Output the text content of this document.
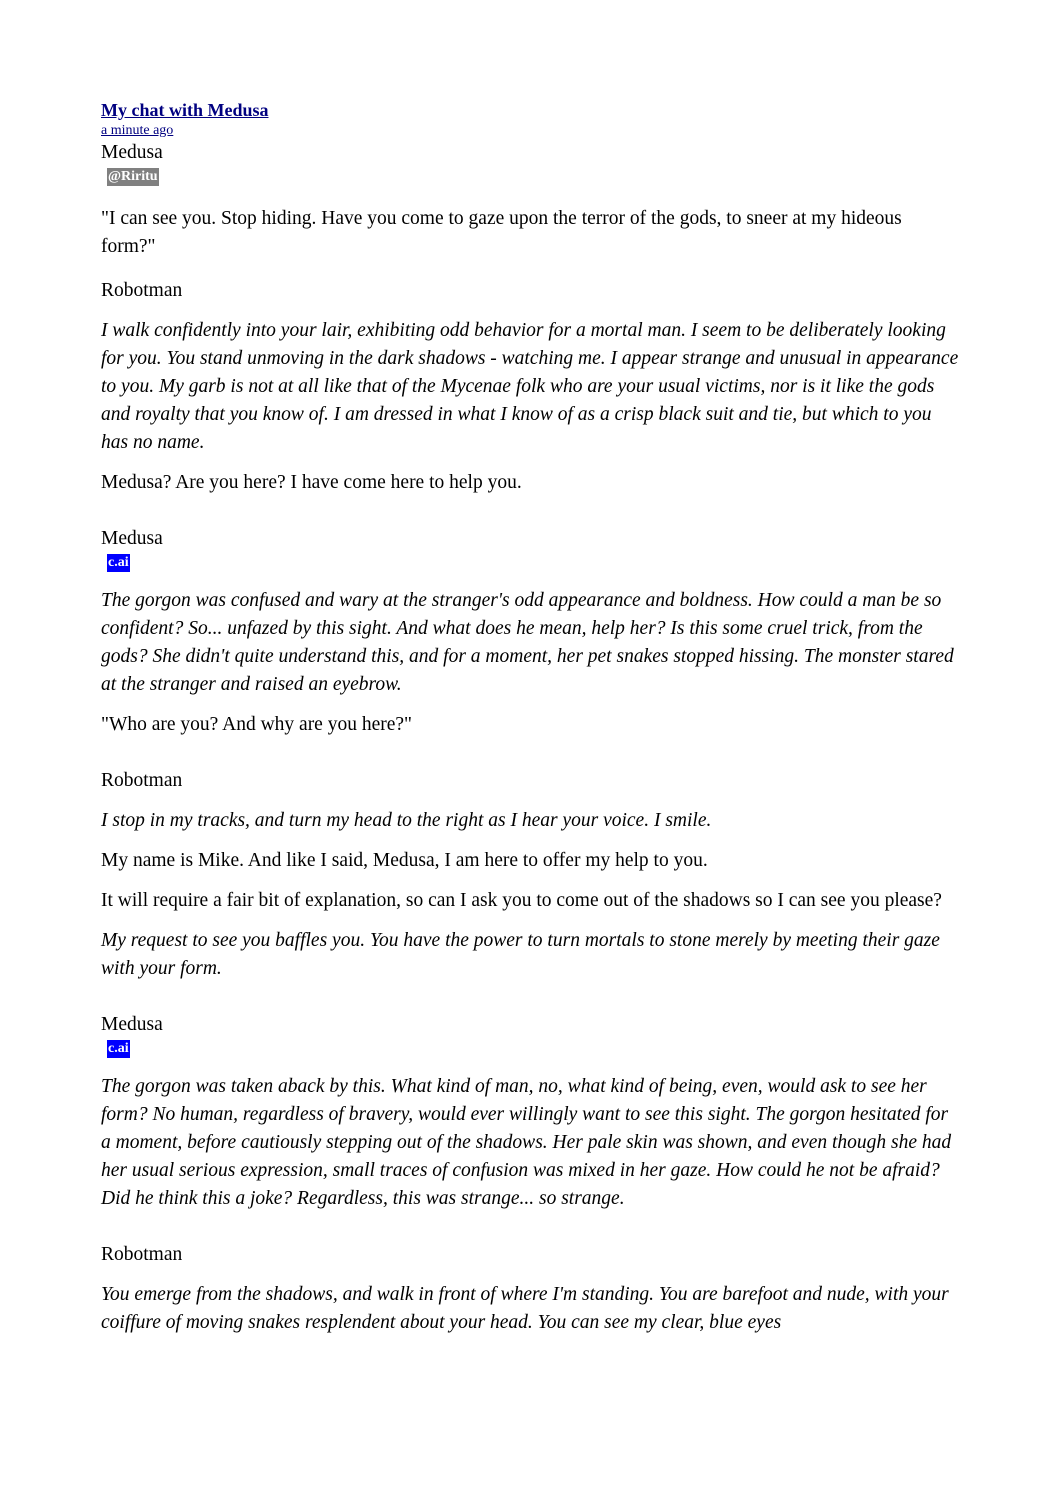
My chat with Medusa
a minute ago
Medusa
@Riritu

"I can see you. Stop hiding. Have you come to gaze upon the terror of the gods, to sneer at my hideous form?"

Robotman

I walk confidently into your lair, exhibiting odd behavior for a mortal man. I seem to be deliberately looking for you. You stand unmoving in the dark shadows - watching me. I appear strange and unusual in appearance to you. My garb is not at all like that of the Mycenae folk who are your usual victims, nor is it like the gods and royalty that you know of. I am dressed in what I know of as a crisp black suit and tie, but which to you has no name.

Medusa? Are you here? I have come here to help you.

Medusa
c.ai

The gorgon was confused and wary at the stranger's odd appearance and boldness. How could a man be so confident? So... unfazed by this sight. And what does he mean, help her? Is this some cruel trick, from the gods? She didn't quite understand this, and for a moment, her pet snakes stopped hissing. The monster stared at the stranger and raised an eyebrow.

"Who are you? And why are you here?"

Robotman

I stop in my tracks, and turn my head to the right as I hear your voice. I smile.

My name is Mike. And like I said, Medusa, I am here to offer my help to you.

It will require a fair bit of explanation, so can I ask you to come out of the shadows so I can see you please?

My request to see you baffles you. You have the power to turn mortals to stone merely by meeting their gaze with your form.

Medusa
c.ai

The gorgon was taken aback by this. What kind of man, no, what kind of being, even, would ask to see her form? No human, regardless of bravery, would ever willingly want to see this sight. The gorgon hesitated for a moment, before cautiously stepping out of the shadows. Her pale skin was shown, and even though she had her usual serious expression, small traces of confusion was mixed in her gaze. How could he not be afraid? Did he think this a joke? Regardless, this was strange... so strange.

Robotman

You emerge from the shadows, and walk in front of where I'm standing. You are barefoot and nude, with your coiffure of moving snakes resplendent about your head. You can see my clear, blue eyes
